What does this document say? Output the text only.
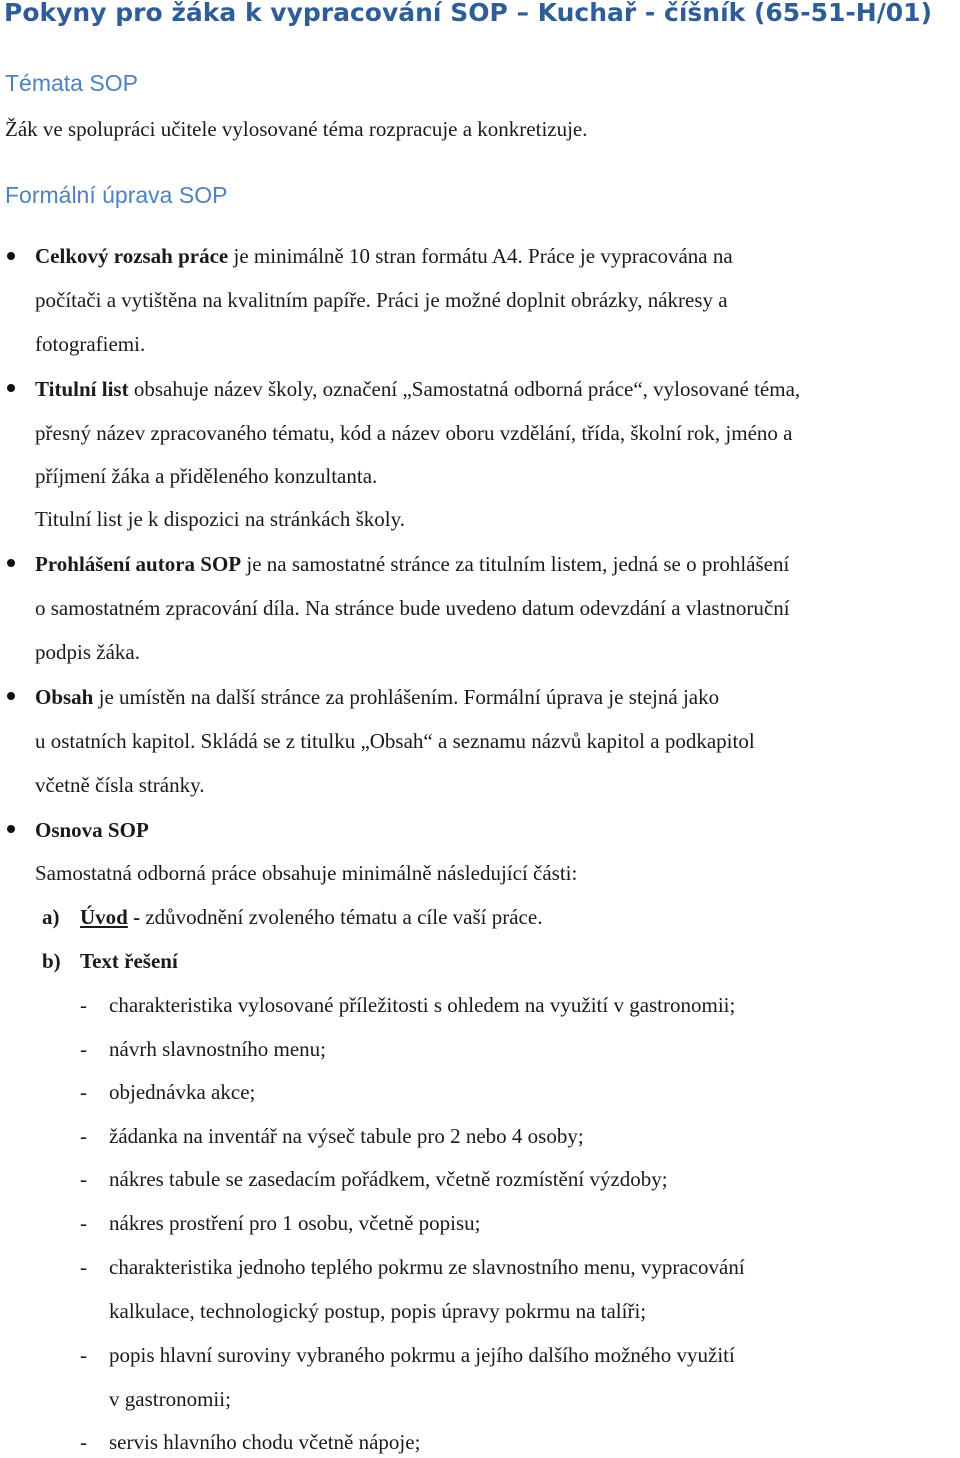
Pokyny pro žáka k vypracování SOP – Kuchař - číšník (65-51-H/01)
Témata SOP
Žák ve spolupráci učitele vylosované téma rozpracuje a konkretizuje.
Formální úprava SOP
Celkový rozsah práce je minimálně 10 stran formátu A4. Práce je vypracována na
počítači a vytištěna na kvalitním papíře. Práci je možné doplnit obrázky, nákresy a
fotografiemi.
Titulní list obsahuje název školy, označení „Samostatná odborná práce“, vylosované téma,
přesný název zpracovaného tématu, kód a název oboru vzdělání, třída, školní rok, jméno a
příjmení žáka a přiděleného konzultanta.
Titulní list je k dispozici na stránkách školy.
Prohlášení autora SOP je na samostatné stránce za titulním listem, jedná se o prohlášení
o samostatném zpracování díla. Na stránce bude uvedeno datum odevzdání a vlastnoruční
podpis žáka.
Obsah je umístěn na další stránce za prohlášením. Formální úprava je stejná jako
u ostatních kapitol. Skládá se z titulku „Obsah“ a seznamu názvů kapitol a podkapitol
včetně čísla stránky.
Osnova SOP
Samostatná odborná práce obsahuje minimálně následující části:
a) Úvod - zdůvodnění zvoleného tématu a cíle vaší práce.
b) Text řešení
- charakteristika vylosované příležitosti s ohledem na využití v gastronomii;
- návrh slavnostního menu;
- objednávka akce;
- žádanka na inventář na výseč tabule pro 2 nebo 4 osoby;
- nákres tabule se zasedacím pořádkem, včetně rozmístění výzdoby;
- nákres prostření pro 1 osobu, včetně popisu;
- charakteristika jednoho teplého pokrmu ze slavnostního menu, vypracování
kalkulace, technologický postup, popis úpravy pokrmu na talíři;
- popis hlavní suroviny vybraného pokrmu a jejího dalšího možného využití
v gastronomii;
- servis hlavního chodu včetně nápoje;
